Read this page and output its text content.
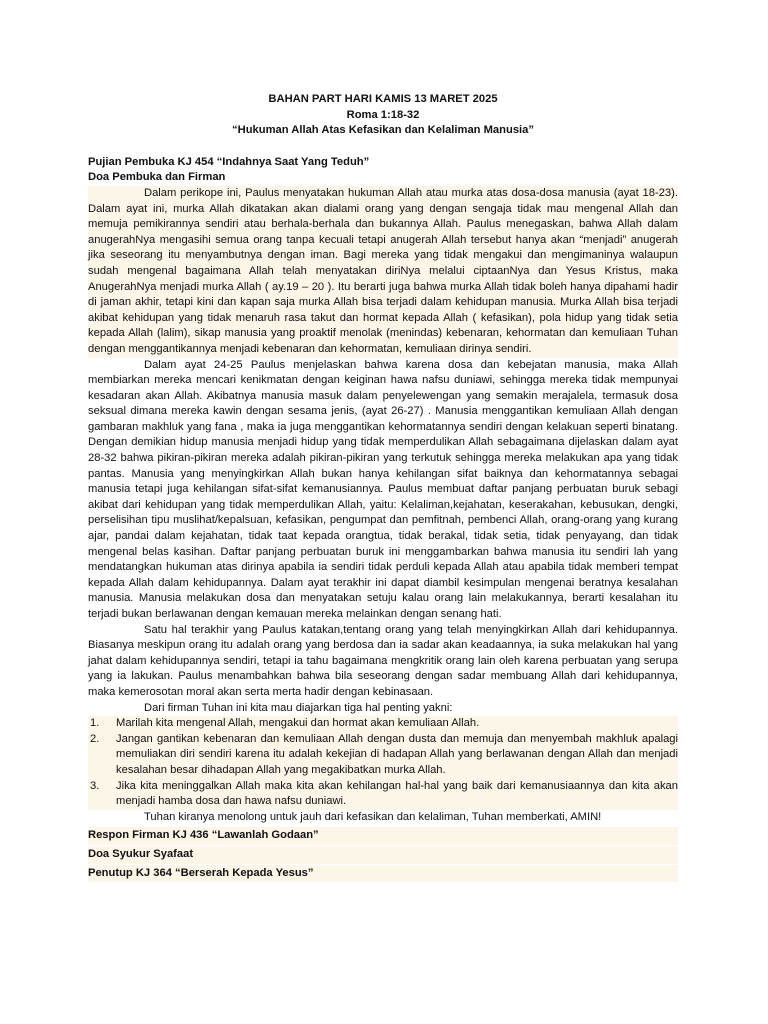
BAHAN PART HARI KAMIS 13 MARET 2025
Roma 1:18-32
“Hukuman Allah Atas Kefasikan dan Kelaliman Manusia”
Pujian Pembuka KJ 454 “Indahnya Saat Yang Teduh”
Doa Pembuka dan Firman

Dalam perikope ini, Paulus menyatakan hukuman Allah atau murka atas dosa-dosa manusia (ayat 18-23). Dalam ayat ini, murka Allah dikatakan akan dialami orang yang dengan sengaja tidak mau mengenal Allah dan memuja pemikirannya sendiri atau berhala-berhala dan bukannya Allah. Paulus menegaskan, bahwa Allah dalam anugerahNya mengasihi semua orang tanpa kecuali tetapi anugerah Allah tersebut hanya akan “menjadi” anugerah jika seseorang itu menyambutnya dengan iman. Bagi mereka yang tidak mengakui dan mengimaninya walaupun sudah mengenal bagaimana Allah telah menyatakan diriNya melalui ciptaanNya dan Yesus Kristus, maka AnugerahNya menjadi murka Allah ( ay.19 – 20 ). Itu berarti juga bahwa murka Allah tidak boleh hanya dipahami hadir di jaman akhir, tetapi kini dan kapan saja murka Allah bisa terjadi dalam kehidupan manusia. Murka Allah bisa terjadi akibat kehidupan yang tidak menaruh rasa takut dan hormat kepada Allah ( kefasikan), pola hidup yang tidak setia kepada Allah (lalim), sikap manusia yang proaktif menolak (menindas) kebenaran, kehormatan dan kemuliaan Tuhan dengan menggantikannya menjadi kebenaran dan kehormatan, kemuliaan dirinya sendiri.

Dalam ayat 24-25 Paulus menjelaskan bahwa karena dosa dan kebejatan manusia, maka Allah membiarkan mereka mencari kenikmatan dengan keiginan hawa nafsu duniawi, sehingga mereka tidak mempunyai kesadaran akan Allah. Akibatnya manusia masuk dalam penyelewengan yang semakin merajalela, termasuk dosa seksual dimana mereka kawin dengan sesama jenis, (ayat 26-27) . Manusia menggantikan kemuliaan Allah dengan gambaran makhluk yang fana , maka ia juga menggantikan kehormatannya sendiri dengan kelakuan seperti binatang. Dengan demikian hidup manusia menjadi hidup yang tidak memperdulikan Allah sebagaimana dijelaskan dalam ayat 28-32 bahwa pikiran-pikiran mereka adalah pikiran-pikiran yang terkutuk sehingga mereka melakukan apa yang tidak pantas. Manusia yang menyingkirkan Allah bukan hanya kehilangan sifat baiknya dan kehormatannya sebagai manusia tetapi juga kehilangan sifat-sifat kemanusiannya. Paulus membuat daftar panjang perbuatan buruk sebagi akibat dari kehidupan yang tidak memperdulikan Allah, yaitu: Kelaliman,kejahatan, keserakahan, kebusukan, dengki, perselisihan tipu muslihat/kepalsuan, kefasikan, pengumpat dan pemfitnah, pembenci Allah, orang-orang yang kurang ajar, pandai dalam kejahatan, tidak taat kepada orangtua, tidak berakal, tidak setia, tidak penyayang, dan tidak mengenal belas kasihan. Daftar panjang perbuatan buruk ini menggambarkan bahwa manusia itu sendiri lah yang mendatangkan hukuman atas dirinya apabila ia sendiri tidak perduli kepada Allah atau apabila tidak memberi tempat kepada Allah dalam kehidupannya. Dalam ayat terakhir ini dapat diambil kesimpulan mengenai beratnya kesalahan manusia. Manusia melakukan dosa dan menyatakan setuju kalau orang lain melakukannya, berarti kesalahan itu terjadi bukan berlawanan dengan kemauan mereka melainkan dengan senang hati.

Satu hal terakhir yang Paulus katakan,tentang orang yang telah menyingkirkan Allah dari kehidupannya. Biasanya meskipun orang itu adalah orang yang berdosa dan ia sadar akan keadaannya, ia suka melakukan hal yang jahat dalam kehidupannya sendiri, tetapi ia tahu bagaimana mengkritik orang lain oleh karena perbuatan yang serupa yang ia lakukan. Paulus menambahkan bahwa bila seseorang dengan sadar membuang Allah dari kehidupannya, maka kemerosotan moral akan serta merta hadir dengan kebinasaan.

Dari firman Tuhan ini kita mau diajarkan tiga hal penting yakni:

1. Marilah kita mengenal Allah, mengakui dan hormat akan kemuliaan Allah.
2. Jangan gantikan kebenaran dan kemuliaan Allah dengan dusta dan memuja dan menyembah makhluk apalagi memuliakan diri sendiri karena itu adalah kekejian di hadapan Allah yang berlawanan dengan Allah dan menjadi kesalahan besar dihadapan Allah yang megakibatkan murka Allah.
3. Jika kita meninggalkan Allah maka kita akan kehilangan hal-hal yang baik dari kemanusiaannya dan kita akan menjadi hamba dosa dan hawa nafsu duniawi.

Tuhan kiranya menolong untuk jauh dari kefasikan dan kelaliman, Tuhan memberkati, AMIN!

Respon Firman KJ 436 “Lawanlah Godaan”
Doa Syukur Syafaat
Penutup KJ 364 “Berserah Kepada Yesus”
